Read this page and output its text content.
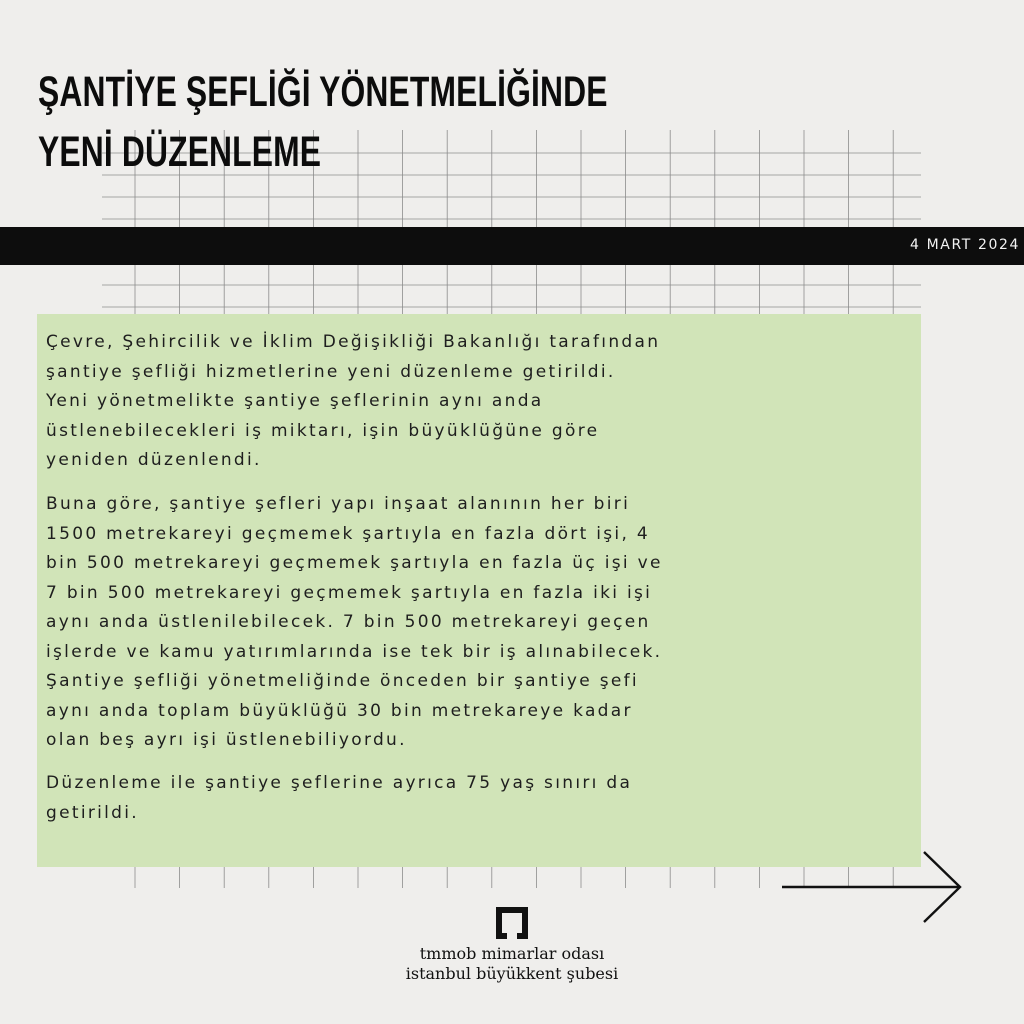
ŞANTİYE ŞEFLİĞİ YÖNETMELİĞİNDE
YENİ DÜZENLEME
4 MART 2024

Çevre, Şehircilik ve İklim Değişikliği Bakanlığı tarafından
şantiye şefliği hizmetlerine yeni düzenleme getirildi.
Yeni yönetmelikte şantiye şeflerinin aynı anda
üstlenebilecekleri iş miktarı, işin büyüklüğüne göre
yeniden düzenlendi.

Buna göre, şantiye şefleri yapı inşaat alanının her biri
1500 metrekareyi geçmemek şartıyla en fazla dört işi, 4
bin 500 metrekareyi geçmemek şartıyla en fazla üç işi ve
7 bin 500 metrekareyi geçmemek şartıyla en fazla iki işi
aynı anda üstlenilebilecek. 7 bin 500 metrekareyi geçen
işlerde ve kamu yatırımlarında ise tek bir iş alınabilecek.
Şantiye şefliği yönetmeliğinde önceden bir şantiye şefi
aynı anda toplam büyüklüğü 30 bin metrekareye kadar
olan beş ayrı işi üstlenebiliyordu.

Düzenleme ile şantiye şeflerine ayrıca 75 yaş sınırı da
getirildi.

tmmob mimarlar odası
istanbul büyükkent şubesi
